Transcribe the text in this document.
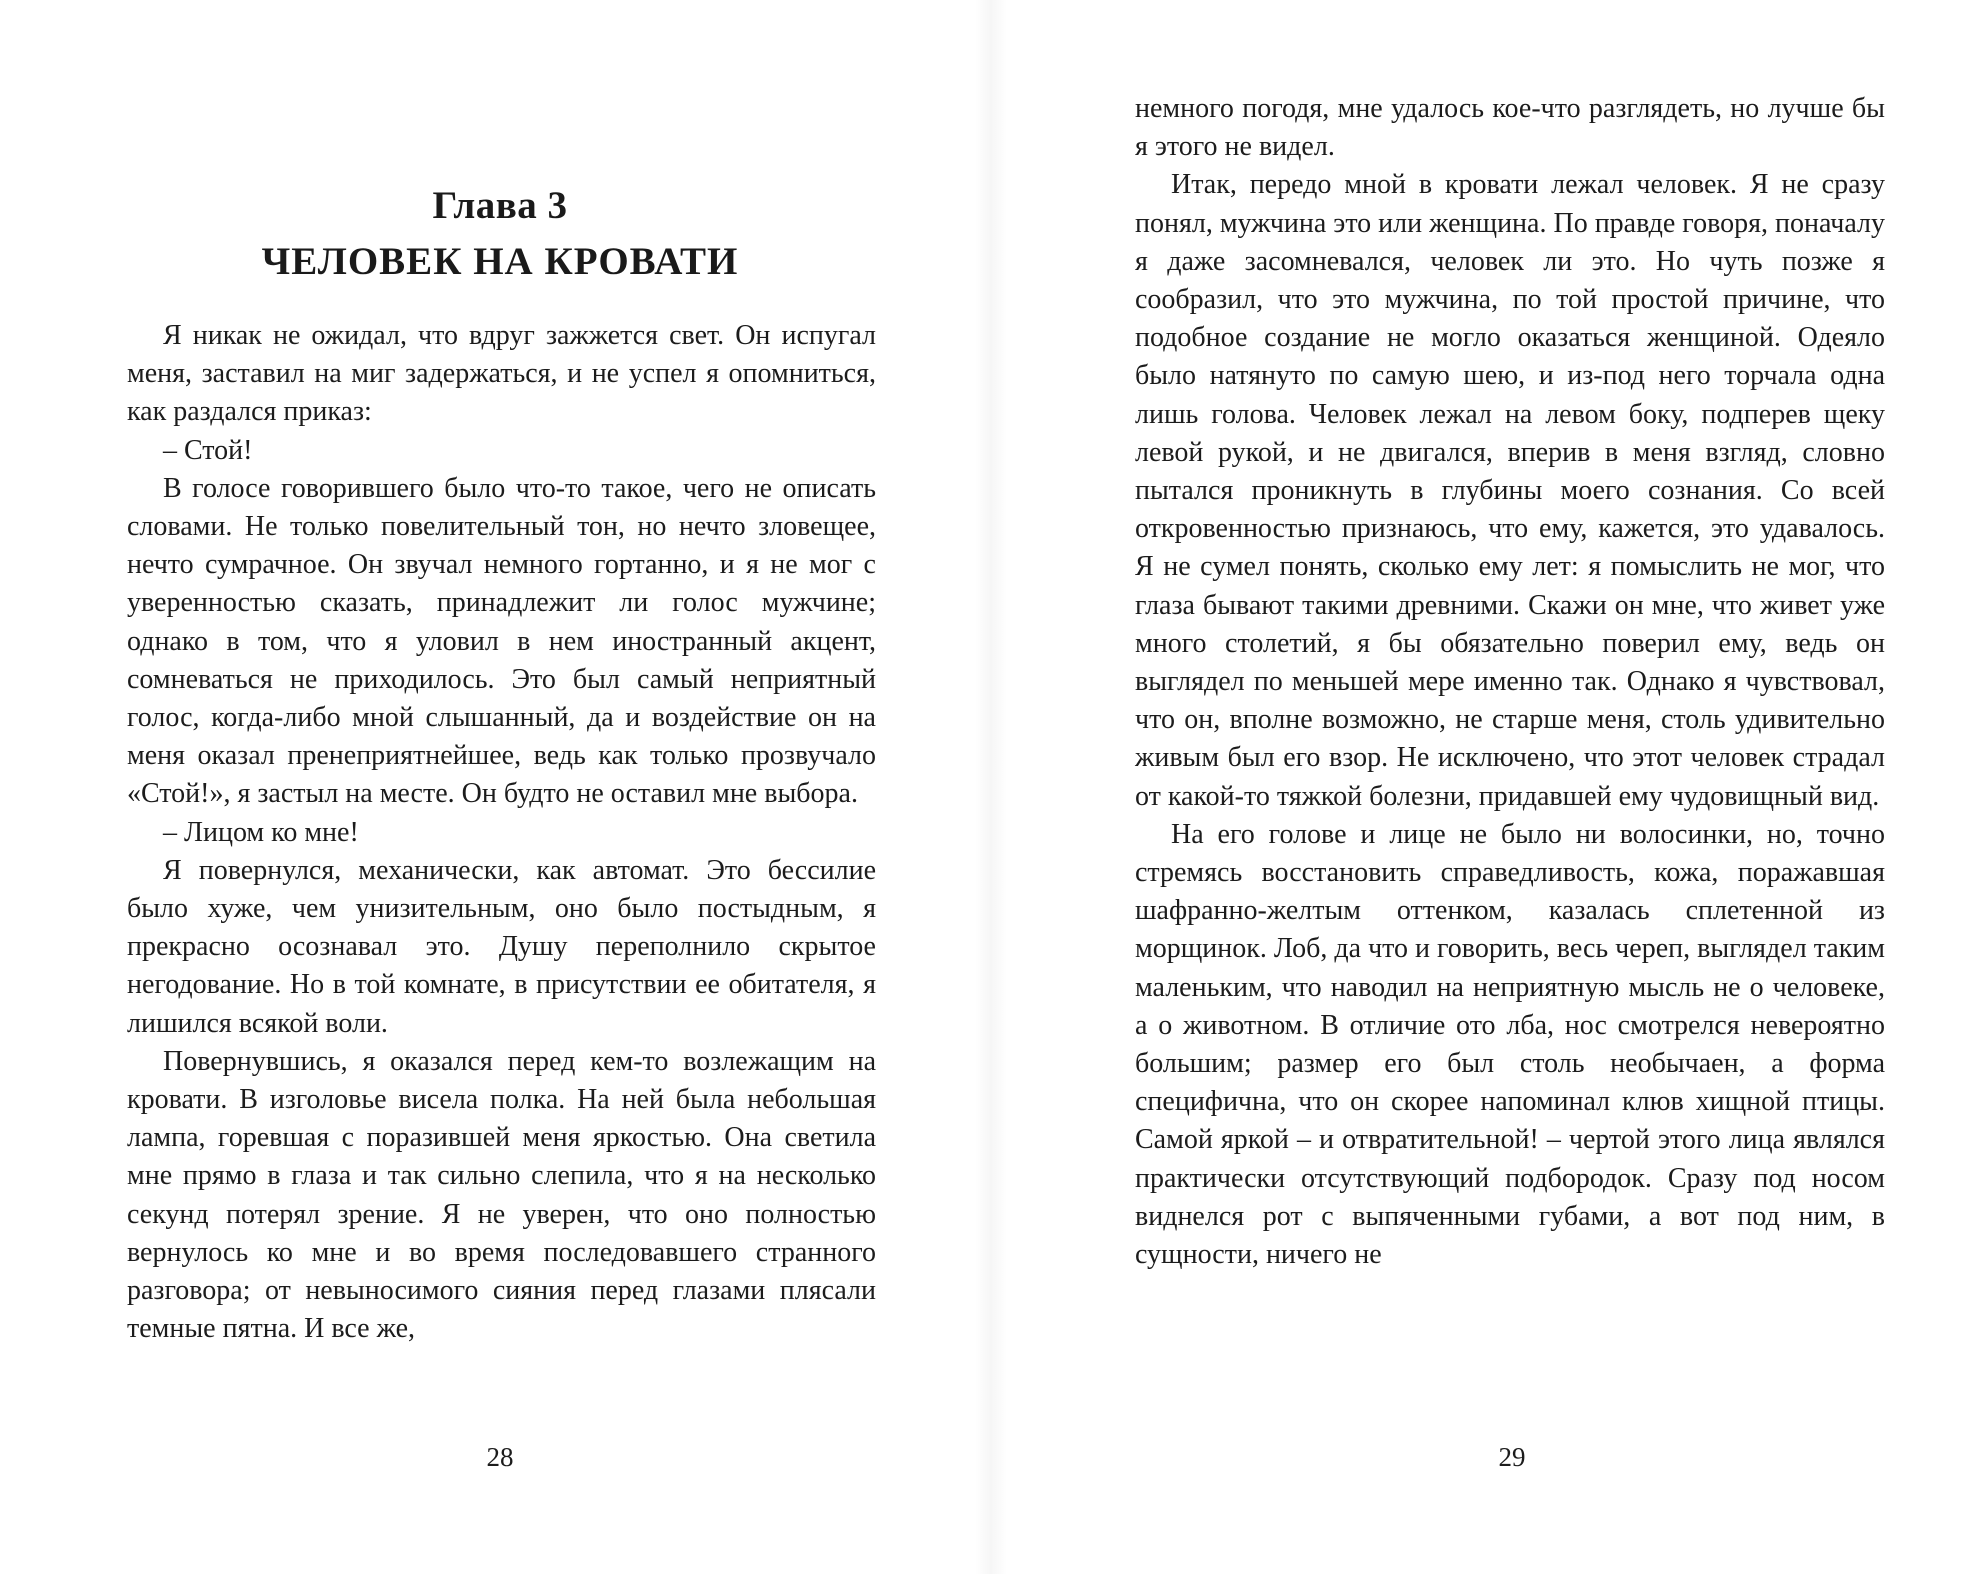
Глава 3
ЧЕЛОВЕК НА КРОВАТИ

Я никак не ожидал, что вдруг зажжется свет. Он испугал меня, заставил на миг задержаться, и не успел я опомниться, как раздался приказ:

– Стой!

В голосе говорившего было что-то такое, чего не описать словами. Не только повелительный тон, но нечто зловещее, нечто сумрачное. Он звучал немного гортанно, и я не мог с уверенностью сказать, принадлежит ли голос мужчине; однако в том, что я уловил в нем иностранный акцент, сомневаться не приходилось. Это был самый неприятный голос, когда-либо мной слышанный, да и воздействие он на меня оказал пренеприятнейшее, ведь как только прозвучало «Стой!», я застыл на месте. Он будто не оставил мне выбора.

– Лицом ко мне!

Я повернулся, механически, как автомат. Это бессилие было хуже, чем унизительным, оно было постыдным, я прекрасно осознавал это. Душу переполнило скрытое негодование. Но в той комнате, в присутствии ее обитателя, я лишился всякой воли.

Повернувшись, я оказался перед кем-то возлежащим на кровати. В изголовье висела полка. На ней была небольшая лампа, горевшая с поразившей меня яркостью. Она светила мне прямо в глаза и так сильно слепила, что я на несколько секунд потерял зрение. Я не уверен, что оно полностью вернулось ко мне и во время последовавшего странного разговора; от невыносимого сияния перед глазами плясали темные пятна. И все же,

28

немного погодя, мне удалось кое-что разглядеть, но лучше бы я этого не видел.

Итак, передо мной в кровати лежал человек. Я не сразу понял, мужчина это или женщина. По правде говоря, поначалу я даже засомневался, человек ли это. Но чуть позже я сообразил, что это мужчина, по той простой причине, что подобное создание не могло оказаться женщиной. Одеяло было натянуто по самую шею, и из-под него торчала одна лишь голова. Человек лежал на левом боку, подперев щеку левой рукой, и не двигался, вперив в меня взгляд, словно пытался проникнуть в глубины моего сознания. Со всей откровенностью признаюсь, что ему, кажется, это удавалось. Я не сумел понять, сколько ему лет: я помыслить не мог, что глаза бывают такими древними. Скажи он мне, что живет уже много столетий, я бы обязательно поверил ему, ведь он выглядел по меньшей мере именно так. Однако я чувствовал, что он, вполне возможно, не старше меня, столь удивительно живым был его взор. Не исключено, что этот человек страдал от какой-то тяжкой болезни, придавшей ему чудовищный вид.

На его голове и лице не было ни волосинки, но, точно стремясь восстановить справедливость, кожа, поражавшая шафранно-желтым оттенком, казалась сплетенной из морщинок. Лоб, да что и говорить, весь череп, выглядел таким маленьким, что наводил на неприятную мысль не о человеке, а о животном. В отличие ото лба, нос смотрелся невероятно большим; размер его был столь необычаен, а форма специфична, что он скорее напоминал клюв хищной птицы. Самой яркой – и отвратительной! – чертой этого лица являлся практически отсутствующий подбородок. Сразу под носом виднелся рот с выпяченными губами, а вот под ним, в сущности, ничего не

29
